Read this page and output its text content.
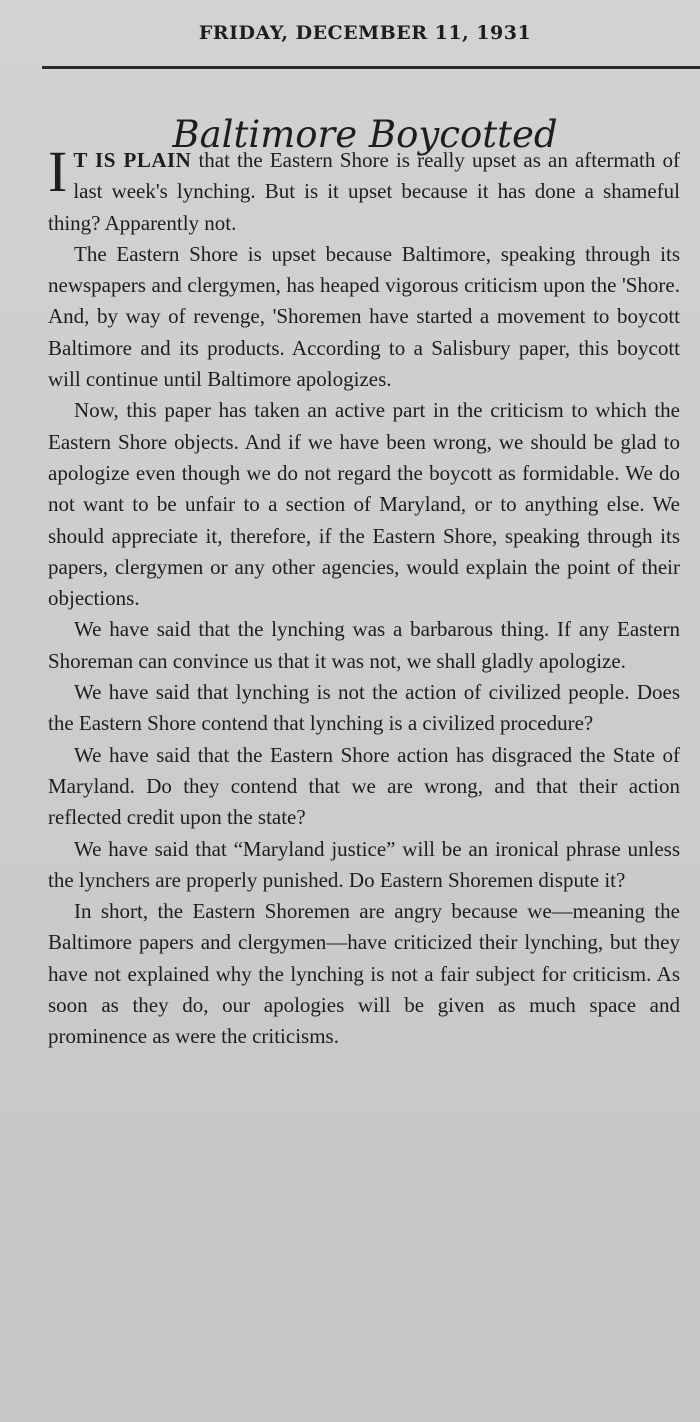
FRIDAY, DECEMBER 11, 1931
Baltimore Boycotted

I T IS PLAIN that the Eastern Shore is really upset as an aftermath of last week's lynching. But is it upset because it has done a shameful thing? Apparently not.

The Eastern Shore is upset because Baltimore, speaking through its newspapers and clergymen, has heaped vigorous criticism upon the 'Shore. And, by way of revenge, 'Shoremen have started a movement to boycott Baltimore and its products. According to a Salisbury paper, this boycott will continue until Baltimore apologizes.

Now, this paper has taken an active part in the criticism to which the Eastern Shore objects. And if we have been wrong, we should be glad to apologize even though we do not regard the boycott as formidable. We do not want to be unfair to a section of Maryland, or to anything else. We should appreciate it, therefore, if the Eastern Shore, speaking through its papers, clergymen or any other agencies, would explain the point of their objections.

We have said that the lynching was a barbarous thing. If any Eastern Shoreman can convince us that it was not, we shall gladly apologize.

We have said that lynching is not the action of civilized people. Does the Eastern Shore contend that lynching is a civilized procedure?

We have said that the Eastern Shore action has disgraced the State of Maryland. Do they contend that we are wrong, and that their action reflected credit upon the state?

We have said that “Maryland justice” will be an ironical phrase unless the lynchers are properly punished. Do Eastern Shoremen dispute it?

In short, the Eastern Shoremen are angry because we—meaning the Baltimore papers and clergymen—have criticized their lynching, but they have not explained why the lynching is not a fair subject for criticism. As soon as they do, our apologies will be given as much space and prominence as were the criticisms.
